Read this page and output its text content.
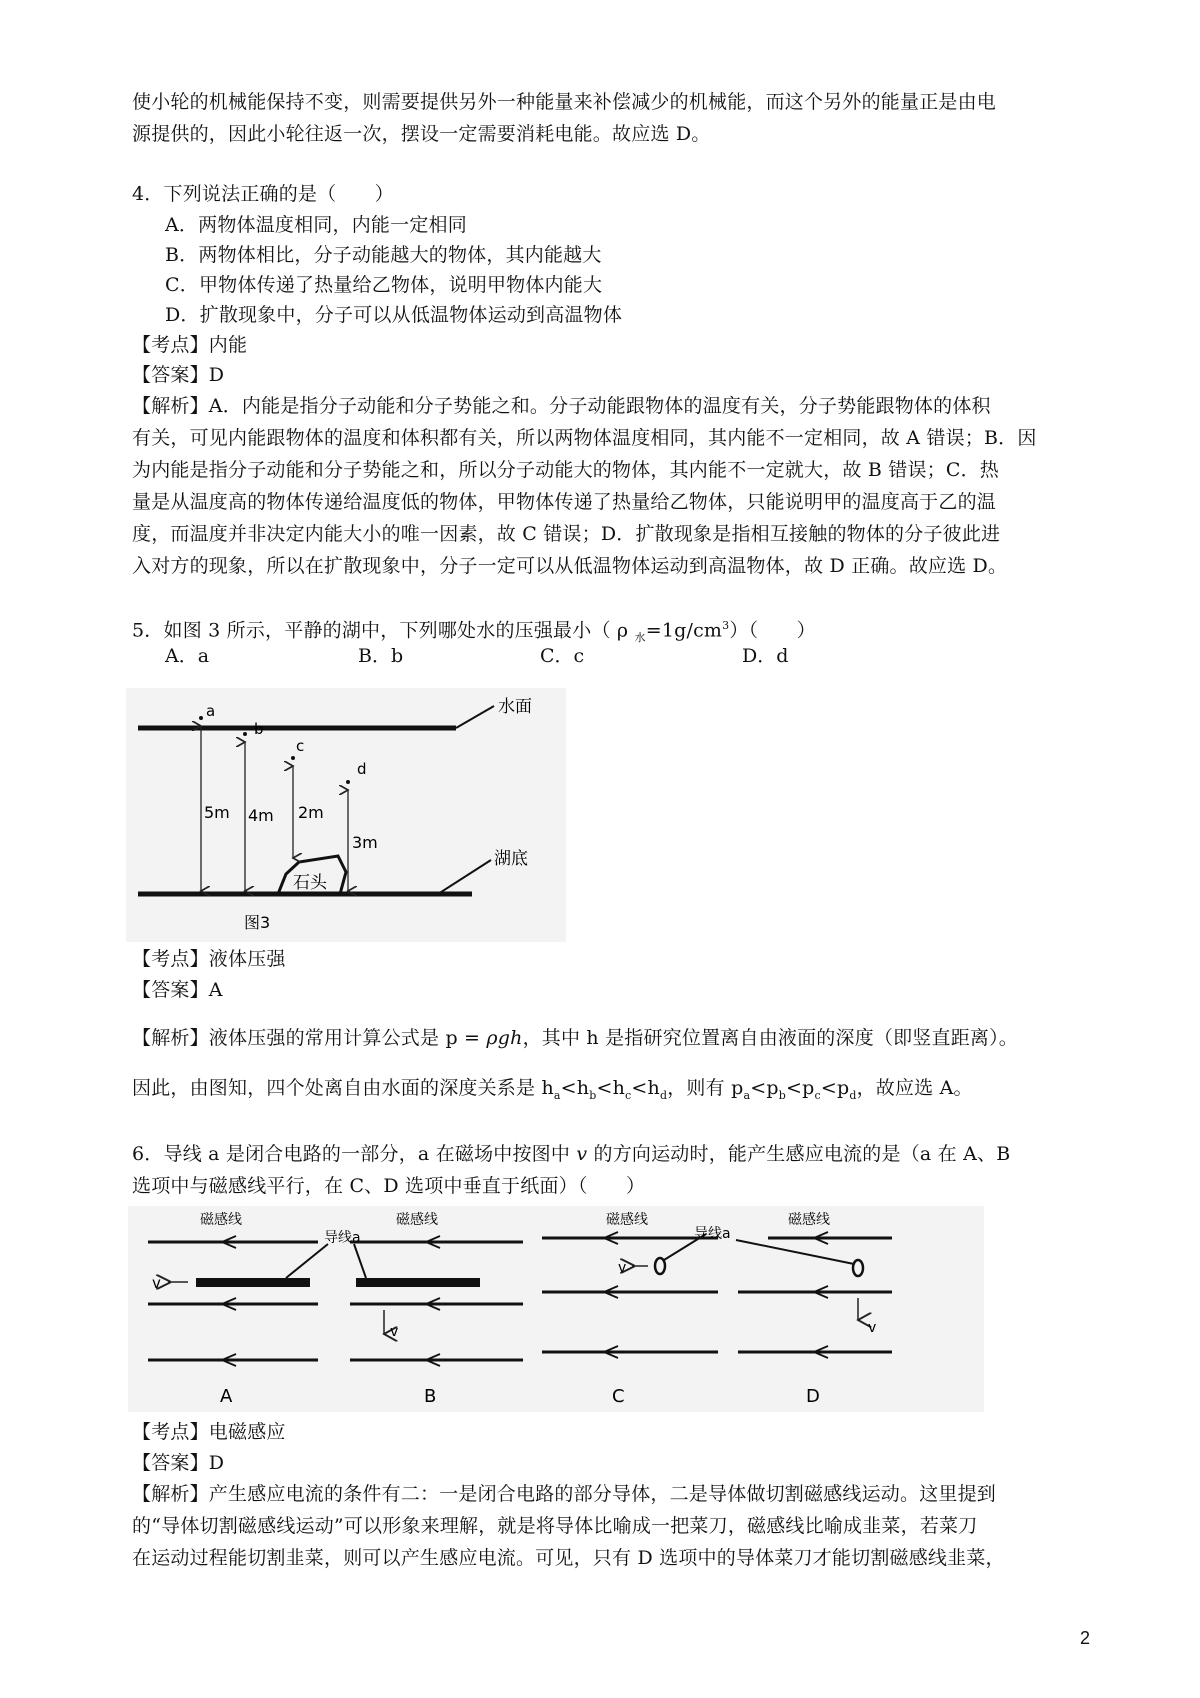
使小轮的机械能保持不变，则需要提供另外一种能量来补偿减少的机械能，而这个另外的能量正是由电
源提供的，因此小轮往返一次，摆设一定需要消耗电能。故应选 D。
4．下列说法正确的是（　　）
A．两物体温度相同，内能一定相同
B．两物体相比，分子动能越大的物体，其内能越大
C．甲物体传递了热量给乙物体，说明甲物体内能大
D．扩散现象中，分子可以从低温物体运动到高温物体
【考点】内能
【答案】D
【解析】A．内能是指分子动能和分子势能之和。分子动能跟物体的温度有关，分子势能跟物体的体积
有关，可见内能跟物体的温度和体积都有关，所以两物体温度相同，其内能不一定相同，故 A 错误；B．因
为内能是指分子动能和分子势能之和，所以分子动能大的物体，其内能不一定就大，故 B 错误；C．热
量是从温度高的物体传递给温度低的物体，甲物体传递了热量给乙物体，只能说明甲的温度高于乙的温
度，而温度并非决定内能大小的唯一因素，故 C 错误；D．扩散现象是指相互接触的物体的分子彼此进
入对方的现象，所以在扩散现象中，分子一定可以从低温物体运动到高温物体，故 D 正确。故应选 D。
5．如图 3 所示，平静的湖中，下列哪处水的压强最小（ ρ $_水=1g/cm^3$）（　　）
A．a	B．b	C．c	D．d
水面
湖底
石头
a
5m
b
4m
c
2m
d
3m
图3
【考点】液体压强
【答案】A
【解析】液体压强的常用计算公式是 p = ρgh，其中 h 是指研究位置离自由液面的深度（即竖直距离）。
因此，由图知，四个处离自由水面的深度关系是 $h_a<h_b<h_c<h_d$，则有 $p_a<p_b<p_c<p_d$，故应选 A。
6．导线 a 是闭合电路的一部分，a 在磁场中按图中 v 的方向运动时，能产生感应电流的是（a 在 A、B
选项中与磁感线平行，在 C、D 选项中垂直于纸面）（　　）
磁感线
v
A
导线a
磁感线
v
B
磁感线
v
C
导线a
磁感线
v
D
【考点】电磁感应
【答案】D
【解析】产生感应电流的条件有二：一是闭合电路的部分导体，二是导体做切割磁感线运动。这里提到
的“导体切割磁感线运动”可以形象来理解，就是将导体比喻成一把菜刀，磁感线比喻成韭菜，若菜刀
在运动过程能切割韭菜，则可以产生感应电流。可见，只有 D 选项中的导体菜刀才能切割磁感线韭菜，
2
